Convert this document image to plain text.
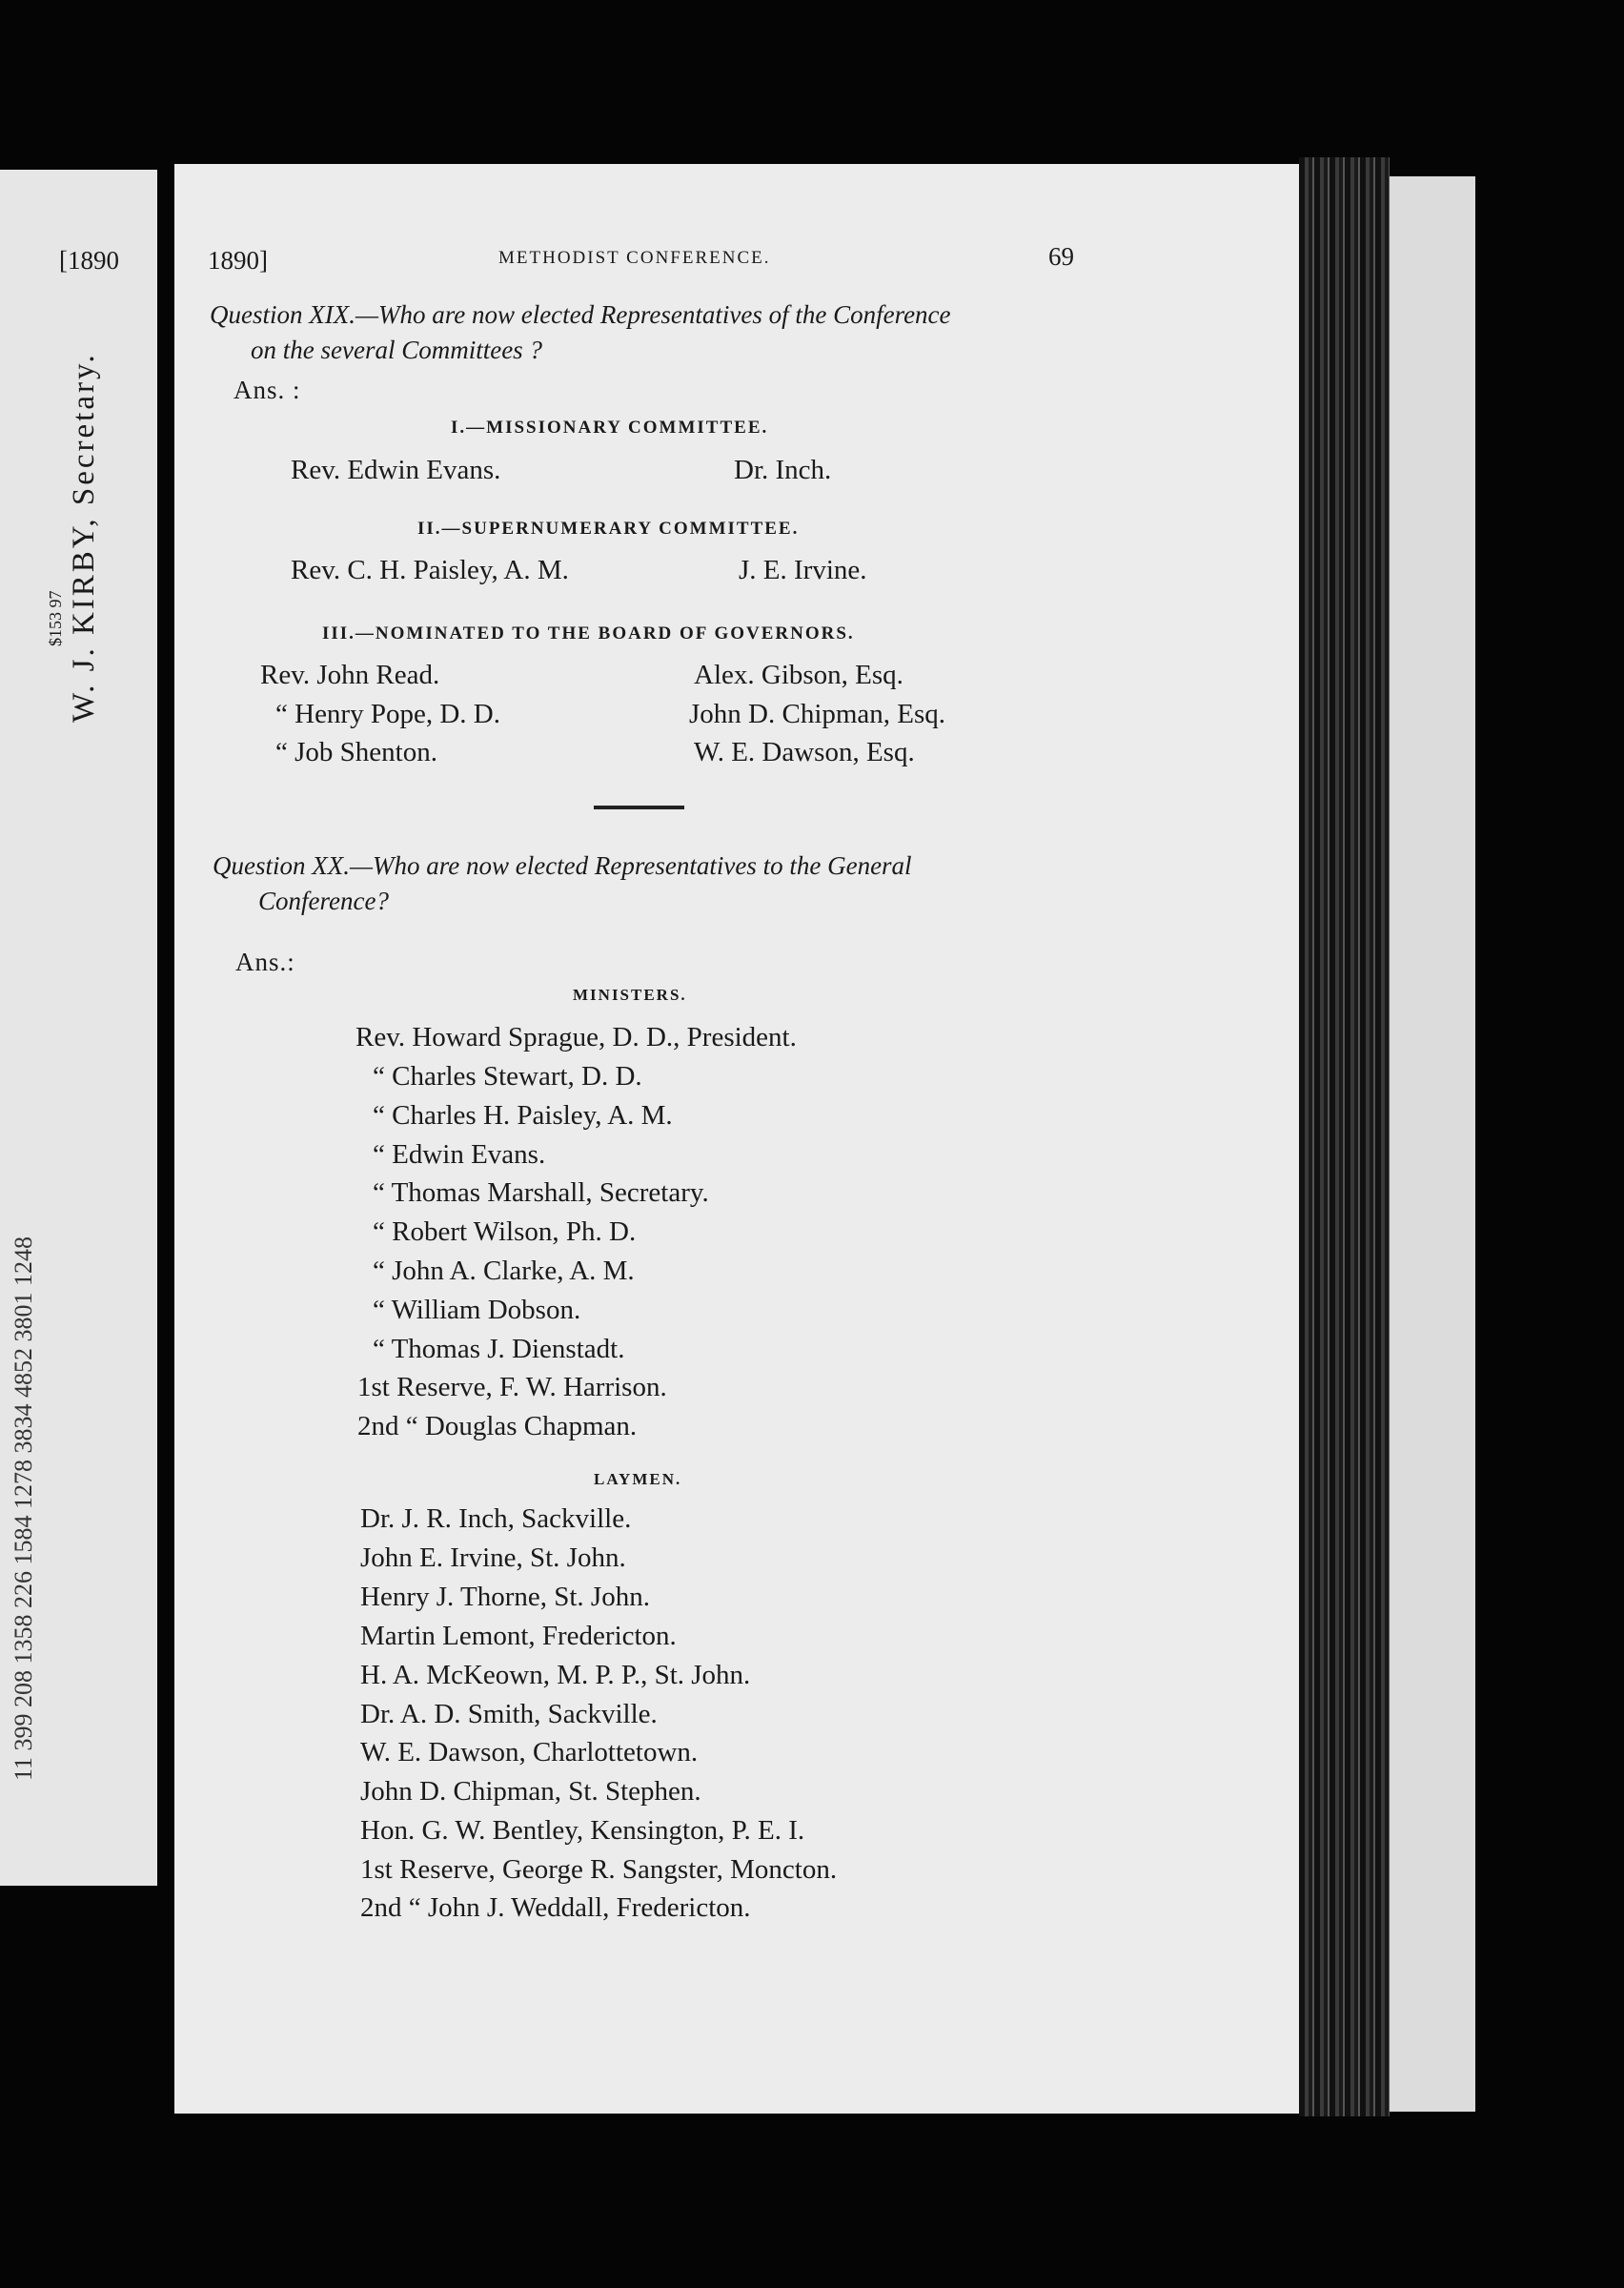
[1890
$153 97 W. J. KIRBY, Secretary.
11 399 208 1358 226 1584 1278 3834 4852 3801 1248
1890]	METHODIST CONFERENCE.	69
Question XIX.—Who are now elected Representatives of the Conference
on the several Committees ?
Ans. :
I.—MISSIONARY COMMITTEE.
Rev. Edwin Evans.	Dr. Inch.
II.—SUPERNUMERARY COMMITTEE.
Rev. C. H. Paisley, A. M.	J. E. Irvine.
III.—NOMINATED TO THE BOARD OF GOVERNORS.
Rev. John Read.	Alex. Gibson, Esq.
“ Henry Pope, D. D.	John D. Chipman, Esq.
“ Job Shenton.	W. E. Dawson, Esq.
Question XX.—Who are now elected Representatives to the General
Conference?
Ans.:
MINISTERS.
Rev. Howard Sprague, D. D., President.
“ Charles Stewart, D. D.
“ Charles H. Paisley, A. M.
“ Edwin Evans.
“ Thomas Marshall, Secretary.
“ Robert Wilson, Ph. D.
“ John A. Clarke, A. M.
“ William Dobson.
“ Thomas J. Dienstadt.
1st Reserve, F. W. Harrison.
2nd “ Douglas Chapman.
LAYMEN.
Dr. J. R. Inch, Sackville.
John E. Irvine, St. John.
Henry J. Thorne, St. John.
Martin Lemont, Fredericton.
H. A. McKeown, M. P. P., St. John.
Dr. A. D. Smith, Sackville.
W. E. Dawson, Charlottetown.
John D. Chipman, St. Stephen.
Hon. G. W. Bentley, Kensington, P. E. I.
1st Reserve, George R. Sangster, Moncton.
2nd “ John J. Weddall, Fredericton.
